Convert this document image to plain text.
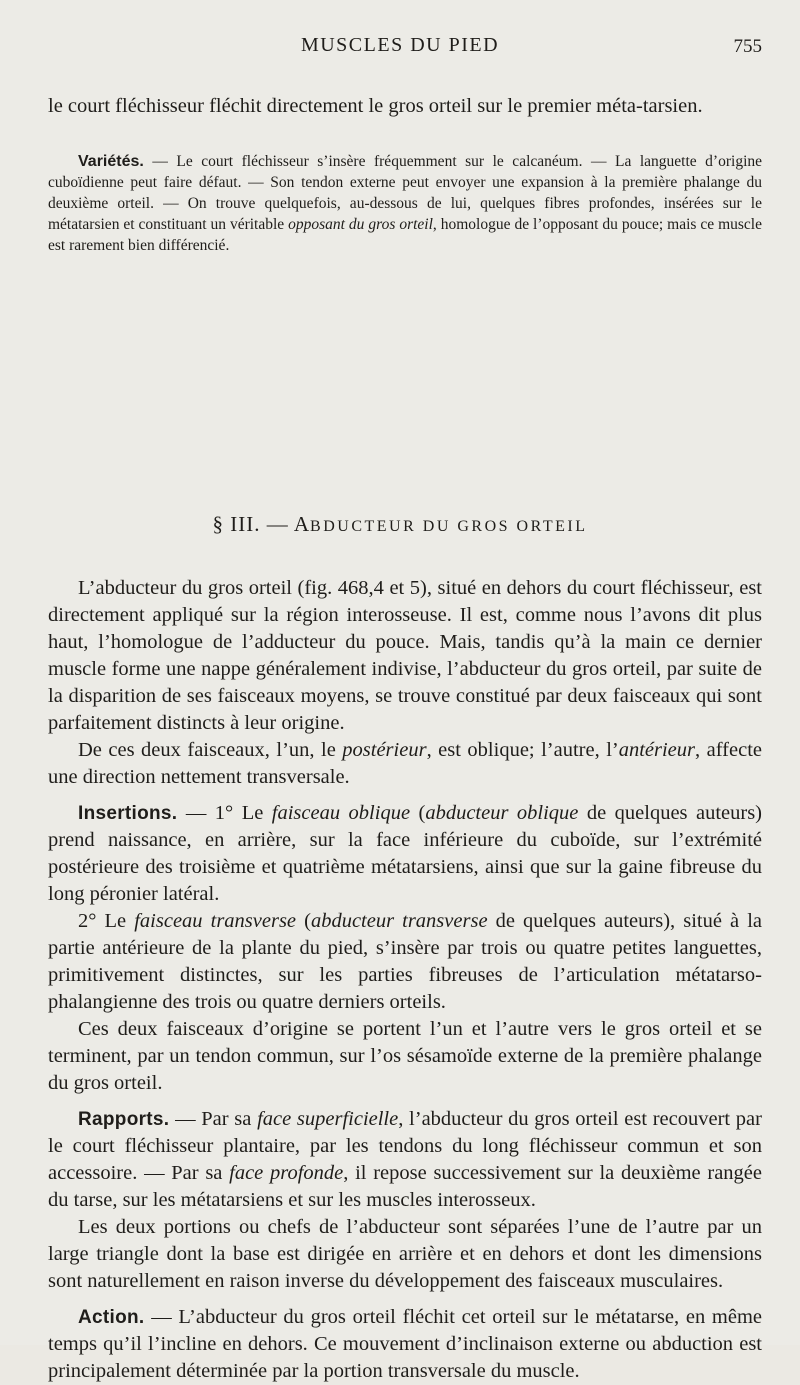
MUSCLES DU PIED	755

le court fléchisseur fléchit directement le gros orteil sur le premier méta-tarsien.

Variétés. — Le court fléchisseur s’insère fréquemment sur le calcanéum. — La languette d’origine cuboïdienne peut faire défaut. — Son tendon externe peut envoyer une expansion à la première phalange du deuxième orteil. — On trouve quelquefois, au-dessous de lui, quelques fibres profondes, insérées sur le métatarsien et constituant un véritable opposant du gros orteil, homologue de l’opposant du pouce; mais ce muscle est rarement bien différencié.

§ III. — ABDUCTEUR DU GROS ORTEIL

L’abducteur du gros orteil (fig. 468,4 et 5), situé en dehors du court fléchisseur, est directement appliqué sur la région interosseuse. Il est, comme nous l’avons dit plus haut, l’homologue de l’adducteur du pouce. Mais, tandis qu’à la main ce dernier muscle forme une nappe généralement indivise, l’abducteur du gros orteil, par suite de la disparition de ses faisceaux moyens, se trouve constitué par deux faisceaux qui sont parfaitement distincts à leur origine.

De ces deux faisceaux, l’un, le postérieur, est oblique; l’autre, l’antérieur, affecte une direction nettement transversale.

Insertions. — 1° Le faisceau oblique (abducteur oblique de quelques auteurs) prend naissance, en arrière, sur la face inférieure du cuboïde, sur l’extrémité postérieure des troisième et quatrième métatarsiens, ainsi que sur la gaine fibreuse du long péronier latéral.

2° Le faisceau transverse (abducteur transverse de quelques auteurs), situé à la partie antérieure de la plante du pied, s’insère par trois ou quatre petites languettes, primitivement distinctes, sur les parties fibreuses de l’articulation métatarso-phalangienne des trois ou quatre derniers orteils.

Ces deux faisceaux d’origine se portent l’un et l’autre vers le gros orteil et se terminent, par un tendon commun, sur l’os sésamoïde externe de la première phalange du gros orteil.

Rapports. — Par sa face superficielle, l’abducteur du gros orteil est recouvert par le court fléchisseur plantaire, par les tendons du long fléchisseur commun et son accessoire. — Par sa face profonde, il repose successivement sur la deuxième rangée du tarse, sur les métatarsiens et sur les muscles interosseux.

Les deux portions ou chefs de l’abducteur sont séparées l’une de l’autre par un large triangle dont la base est dirigée en arrière et en dehors et dont les dimensions sont naturellement en raison inverse du développement des faisceaux musculaires.

Action. — L’abducteur du gros orteil fléchit cet orteil sur le métatarse, en même temps qu’il l’incline en dehors. Ce mouvement d’inclinaison externe ou abduction est principalement déterminée par la portion transversale du muscle.
